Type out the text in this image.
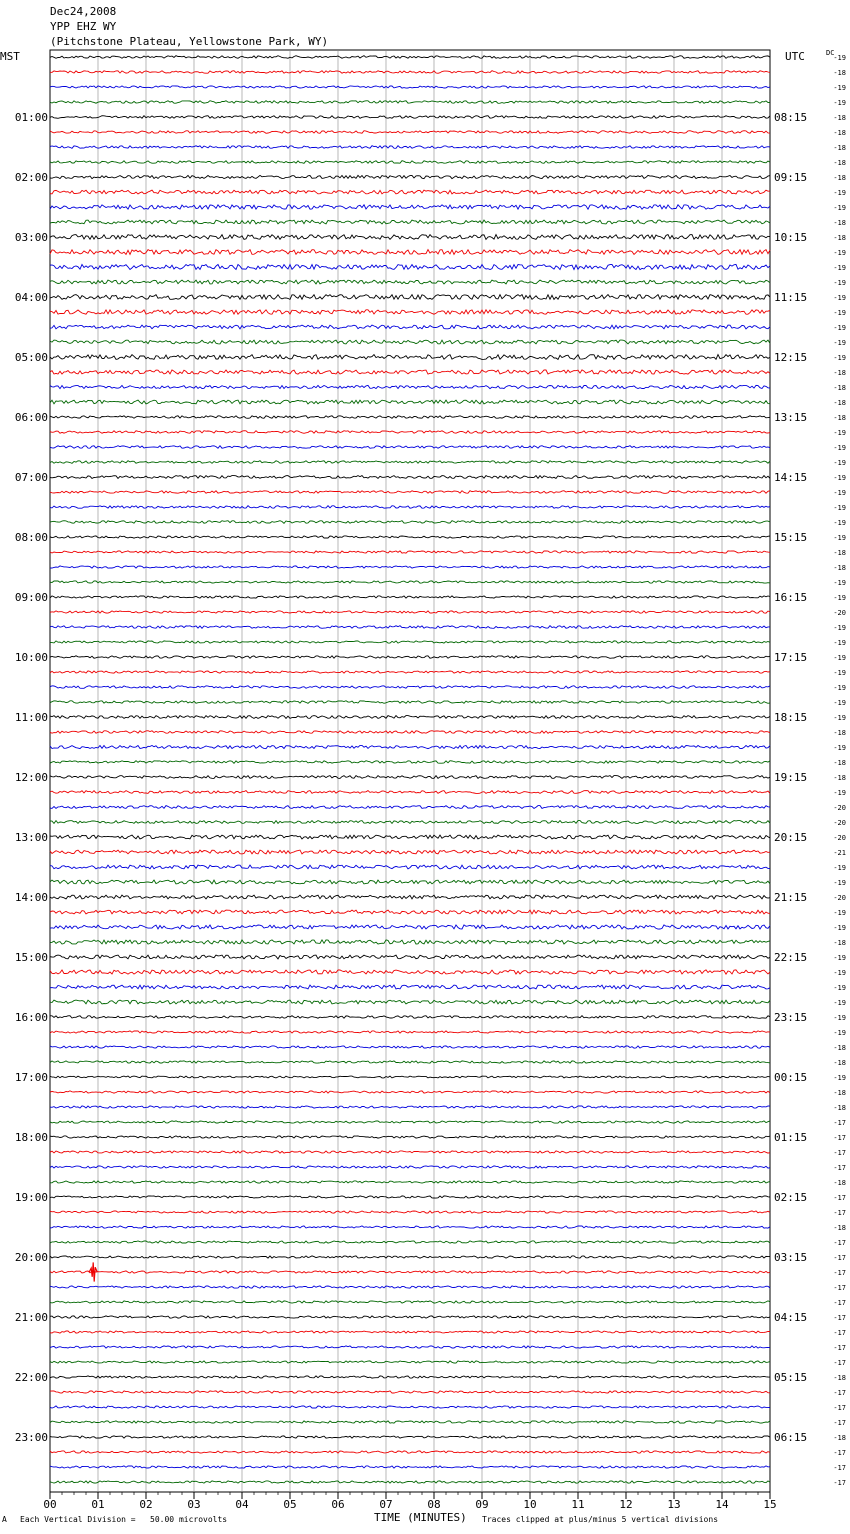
Dec24,2008
YPP EHZ WY
(Pitchstone Plateau, Yellowstone Park, WY)
MST	UTC	DC
00	01	02	03	04	05	06	07	08	09	10	11	12	13	14	15
-19
-18
-19
-19
-18
-18
-18
-18
-18
-19
-19
-18
-18
-19
-19
-19
-19
-19
-19
-19
-19
-18
-18
-18
-18
-19
-19
-19
-19
-19
-19
-19
-19
-18
-18
-19
-19
-20
-19
-19
-19
-19
-19
-19
-19
-18
-19
-18
-18
-19
-20
-20
-20
-21
-19
-19
-20
-19
-19
-18
-19
-19
-19
-19
-19
-19
-18
-18
-19
-18
-18
-17
-17
-17
-17
-18
-17
-17
-18
-17
-17
-17
-17
-17
-17
-17
-17
-17
-18
-17
-17
-17
-18
-17
-17
-17
01:00
02:00
03:00
04:00
05:00
06:00
07:00
08:00
09:00
10:00
11:00
12:00
13:00
14:00
15:00
16:00
17:00
18:00
19:00
20:00
21:00
22:00
23:00
08:15
09:15
10:15
11:15
12:15
13:15
14:15
15:15
16:15
17:15
18:15
19:15
20:15
21:15
22:15
23:15
00:15
01:15
02:15
03:15
04:15
05:15
06:15
A Each Vertical Division =   50.00 microvolts	TIME (MINUTES) Traces clipped at plus/minus 5 vertical divisions
